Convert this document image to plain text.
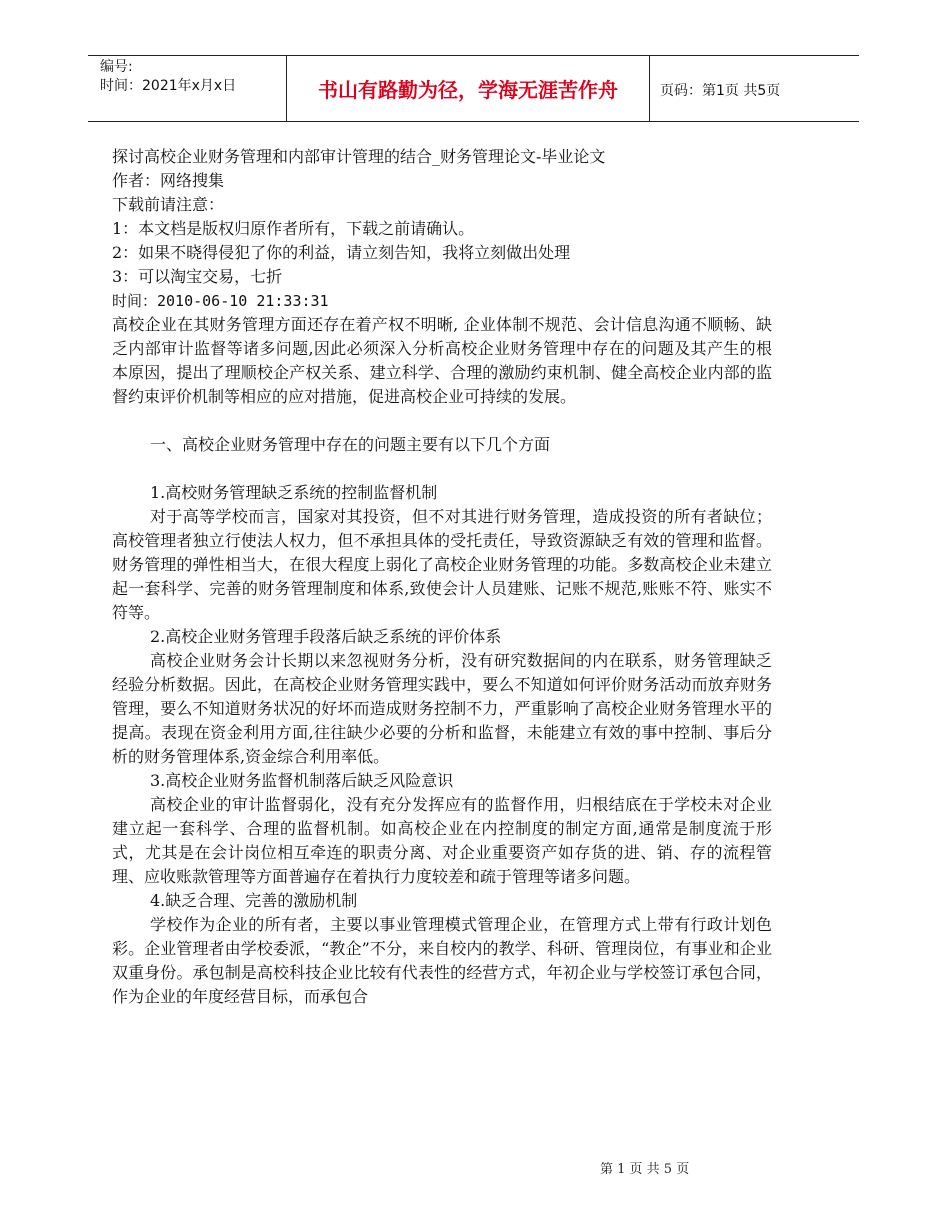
编号:
时间：2021年x月x日	书山有路勤为径，学海无涯苦作舟	页码：第1页 共5页
探讨高校企业财务管理和内部审计管理的结合_财务管理论文-毕业论文
作者：网络搜集
下载前请注意：
1：本文档是版权归原作者所有，下载之前请确认。
2：如果不晓得侵犯了你的利益，请立刻告知，我将立刻做出处理
3：可以淘宝交易，七折
时间：2010-06-10 21:33:31
高校企业在其财务管理方面还存在着产权不明晰, 企业体制不规范、会计信息沟通不顺畅、缺乏内部审计监督等诸多问题,因此必须深入分析高校企业财务管理中存在的问题及其产生的根本原因，提出了理顺校企产权关系、建立科学、合理的激励约束机制、健全高校企业内部的监督约束评价机制等相应的应对措施，促进高校企业可持续的发展。
一、高校企业财务管理中存在的问题主要有以下几个方面
1.高校财务管理缺乏系统的控制监督机制
对于高等学校而言，国家对其投资，但不对其进行财务管理，造成投资的所有者缺位；高校管理者独立行使法人权力，但不承担具体的受托责任，导致资源缺乏有效的管理和监督。财务管理的弹性相当大，在很大程度上弱化了高校企业财务管理的功能。多数高校企业未建立起一套科学、完善的财务管理制度和体系,致使会计人员建账、记账不规范,账账不符、账实不符等。
2.高校企业财务管理手段落后缺乏系统的评价体系
高校企业财务会计长期以来忽视财务分析，没有研究数据间的内在联系，财务管理缺乏经验分析数据。因此，在高校企业财务管理实践中，要么不知道如何评价财务活动而放弃财务管理，要么不知道财务状况的好坏而造成财务控制不力，严重影响了高校企业财务管理水平的提高。表现在资金利用方面,往往缺少必要的分析和监督，未能建立有效的事中控制、事后分析的财务管理体系,资金综合利用率低。
3.高校企业财务监督机制落后缺乏风险意识
高校企业的审计监督弱化，没有充分发挥应有的监督作用，归根结底在于学校未对企业建立起一套科学、合理的监督机制。如高校企业在内控制度的制定方面,通常是制度流于形式，尤其是在会计岗位相互牵连的职责分离、对企业重要资产如存货的进、销、存的流程管理、应收账款管理等方面普遍存在着执行力度较差和疏于管理等诸多问题。
4.缺乏合理、完善的激励机制
学校作为企业的所有者，主要以事业管理模式管理企业，在管理方式上带有行政计划色彩。企业管理者由学校委派，“教企”不分，来自校内的教学、科研、管理岗位，有事业和企业双重身份。承包制是高校科技企业比较有代表性的经营方式，年初企业与学校签订承包合同，作为企业的年度经营目标，而承包合
第 1 页 共 5 页
